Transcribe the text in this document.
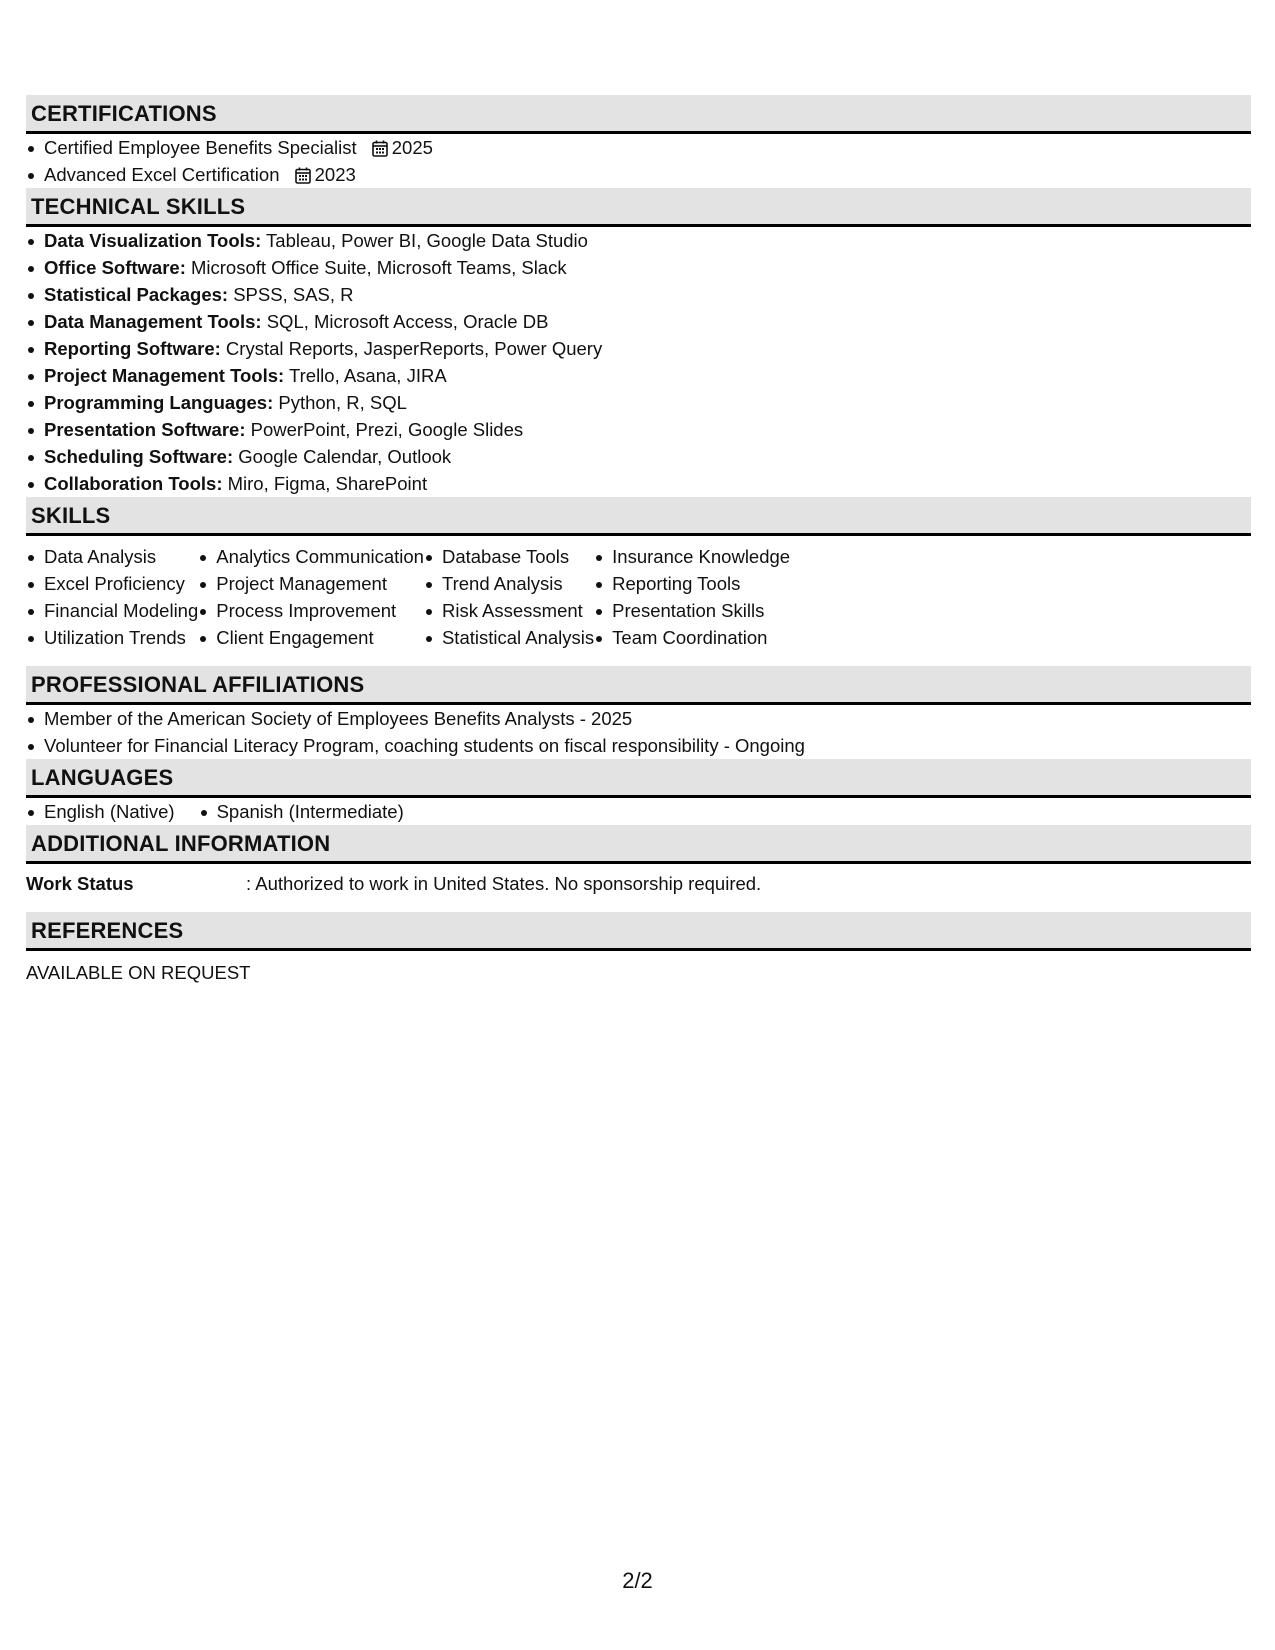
CERTIFICATIONS
Certified Employee Benefits Specialist 2025
Advanced Excel Certification 2023
TECHNICAL SKILLS
Data Visualization Tools: Tableau, Power BI, Google Data Studio
Office Software: Microsoft Office Suite, Microsoft Teams, Slack
Statistical Packages: SPSS, SAS, R
Data Management Tools: SQL, Microsoft Access, Oracle DB
Reporting Software: Crystal Reports, JasperReports, Power Query
Project Management Tools: Trello, Asana, JIRA
Programming Languages: Python, R, SQL
Presentation Software: PowerPoint, Prezi, Google Slides
Scheduling Software: Google Calendar, Outlook
Collaboration Tools: Miro, Figma, SharePoint
SKILLS
Data Analysis
Excel Proficiency
Financial Modeling
Utilization Trends
Analytics Communication
Project Management
Process Improvement
Client Engagement
Database Tools
Trend Analysis
Risk Assessment
Statistical Analysis
Insurance Knowledge
Reporting Tools
Presentation Skills
Team Coordination
PROFESSIONAL AFFILIATIONS
Member of the American Society of Employees Benefits Analysts - 2025
Volunteer for Financial Literacy Program, coaching students on fiscal responsibility - Ongoing
LANGUAGES
English (Native)	Spanish (Intermediate)
ADDITIONAL INFORMATION
Work Status	: Authorized to work in United States. No sponsorship required.
REFERENCES
AVAILABLE ON REQUEST
2/2
